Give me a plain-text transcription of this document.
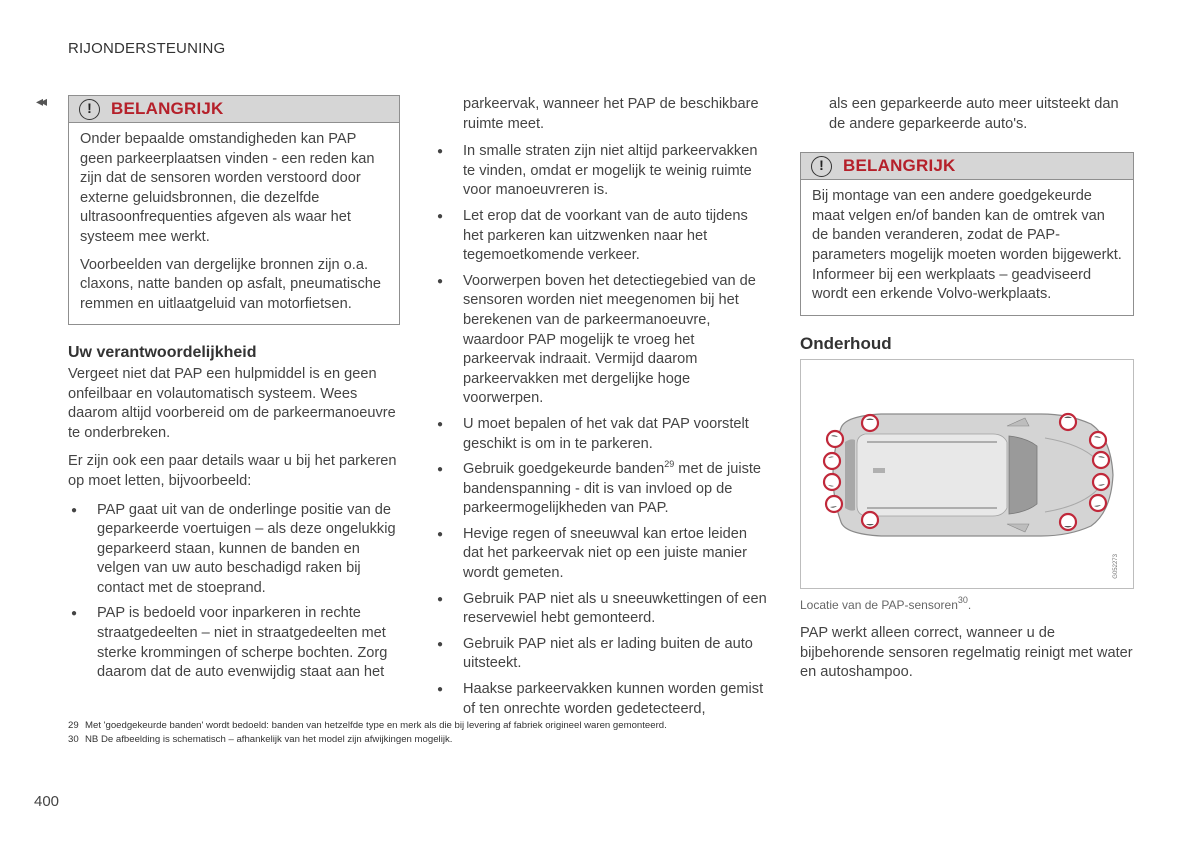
RIJONDERSTEUNING
◂◂	!	BELANGRIJK

Onder bepaalde omstandigheden kan PAP geen parkeerplaatsen vinden - een reden kan zijn dat de sensoren worden verstoord door externe geluidsbronnen, die dezelfde ultrasoonfrequenties afgeven als waar het systeem mee werkt.

Voorbeelden van dergelijke bronnen zijn o.a. claxons, natte banden op asfalt, pneumatische remmen en uitlaatgeluid van motorfietsen.

Uw verantwoordelijkheid

Vergeet niet dat PAP een hulpmiddel is en geen onfeilbaar en volautomatisch systeem. Wees daarom altijd voorbereid om de parkeermanoeuvre te onderbreken.

Er zijn ook een paar details waar u bij het parkeren op moet letten, bijvoorbeeld:

● PAP gaat uit van de onderlinge positie van de geparkeerde voertuigen – als deze ongelukkig geparkeerd staan, kunnen de banden en velgen van uw auto beschadigd raken bij contact met de stoeprand.
● PAP is bedoeld voor inparkeren in rechte straatgedeelten – niet in straatgedeelten met sterke krommingen of scherpe bochten. Zorg daarom dat de auto evenwijdig staat aan het

parkeervak, wanneer het PAP de beschikbare ruimte meet.

● In smalle straten zijn niet altijd parkeervakken te vinden, omdat er mogelijk te weinig ruimte voor manoeuvreren is.
● Let erop dat de voorkant van de auto tijdens het parkeren kan uitzwenken naar het tegemoetkomende verkeer.
● Voorwerpen boven het detectiegebied van de sensoren worden niet meegenomen bij het berekenen van de parkeermanoeuvre, waardoor PAP mogelijk te vroeg het parkeervak indraait. Vermijd daarom parkeervakken met dergelijke hoge voorwerpen.
● U moet bepalen of het vak dat PAP voorstelt geschikt is om in te parkeren.
● Gebruik goedgekeurde banden$^{29}$ met de juiste bandenspanning - dit is van invloed op de parkeermogelijkheden van PAP.
● Hevige regen of sneeuwval kan ertoe leiden dat het parkeervak niet op een juiste manier wordt gemeten.
● Gebruik PAP niet als u sneeuwkettingen of een reservewiel hebt gemonteerd.
● Gebruik PAP niet als er lading buiten de auto uitsteekt.
● Haakse parkeervakken kunnen worden gemist of ten onrechte worden gedetecteerd,

als een geparkeerde auto meer uitsteekt dan de andere geparkeerde auto's.

!	BELANGRIJK

Bij montage van een andere goedgekeurde maat velgen en/of banden kan de omtrek van de banden veranderen, zodat de PAP-parameters mogelijk moeten worden bijgewerkt. Informeer bij een werkplaats – geadviseerd wordt een erkende Volvo-werkplaats.

Onderhoud
G052273
Locatie van de PAP-sensoren$^{30}$.

PAP werkt alleen correct, wanneer u de bijbehorende sensoren regelmatig reinigt met water en autoshampoo.

29 Met 'goedgekeurde banden' wordt bedoeld: banden van hetzelfde type en merk als die bij levering af fabriek origineel waren gemonteerd.
30 NB De afbeelding is schematisch – afhankelijk van het model zijn afwijkingen mogelijk.
400
